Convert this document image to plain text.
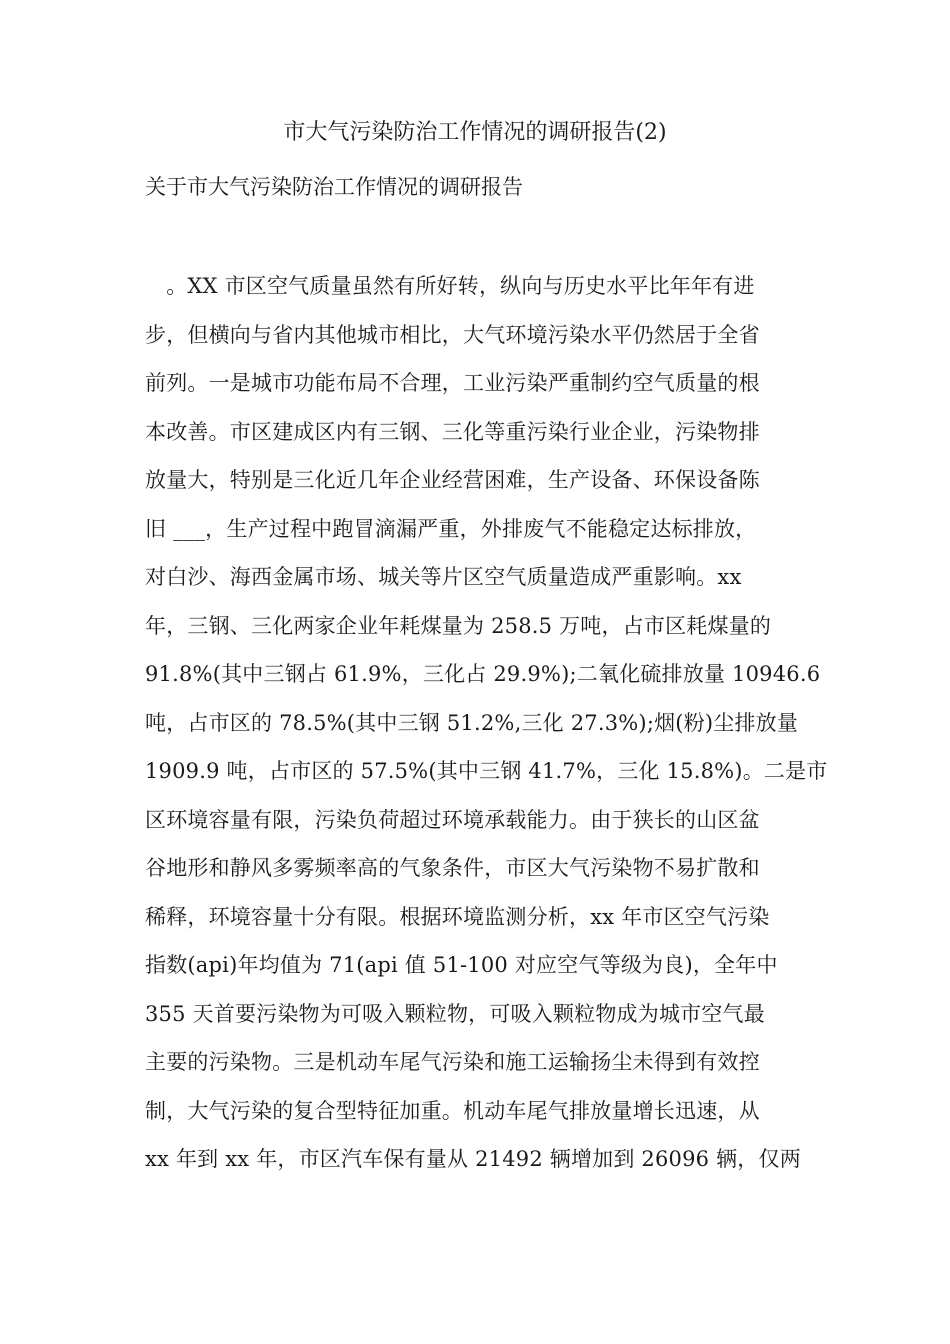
市大气污染防治工作情况的调研报告(2)
关于市大气污染防治工作情况的调研报告
　。XX 市区空气质量虽然有所好转，纵向与历史水平比年年有进
步，但横向与省内其他城市相比，大气环境污染水平仍然居于全省
前列。一是城市功能布局不合理，工业污染严重制约空气质量的根
本改善。市区建成区内有三钢、三化等重污染行业企业，污染物排
放量大，特别是三化近几年企业经营困难，生产设备、环保设备陈
旧 ___，生产过程中跑冒滴漏严重，外排废气不能稳定达标排放，
对白沙、海西金属市场、城关等片区空气质量造成严重影响。xx
年，三钢、三化两家企业年耗煤量为 258.5 万吨，占市区耗煤量的
91.8%(其中三钢占 61.9%，三化占 29.9%);二氧化硫排放量 10946.6
吨，占市区的 78.5%(其中三钢 51.2%,三化 27.3%);烟(粉)尘排放量
1909.9 吨，占市区的 57.5%(其中三钢 41.7%，三化 15.8%)。二是市
区环境容量有限，污染负荷超过环境承载能力。由于狭长的山区盆
谷地形和静风多雾频率高的气象条件，市区大气污染物不易扩散和
稀释，环境容量十分有限。根据环境监测分析，xx 年市区空气污染
指数(api)年均值为 71(api 值 51-100 对应空气等级为良)，全年中
355 天首要污染物为可吸入颗粒物，可吸入颗粒物成为城市空气最
主要的污染物。三是机动车尾气污染和施工运输扬尘未得到有效控
制，大气污染的复合型特征加重。机动车尾气排放量增长迅速，从
xx 年到 xx 年，市区汽车保有量从 21492 辆增加到 26096 辆，仅两
